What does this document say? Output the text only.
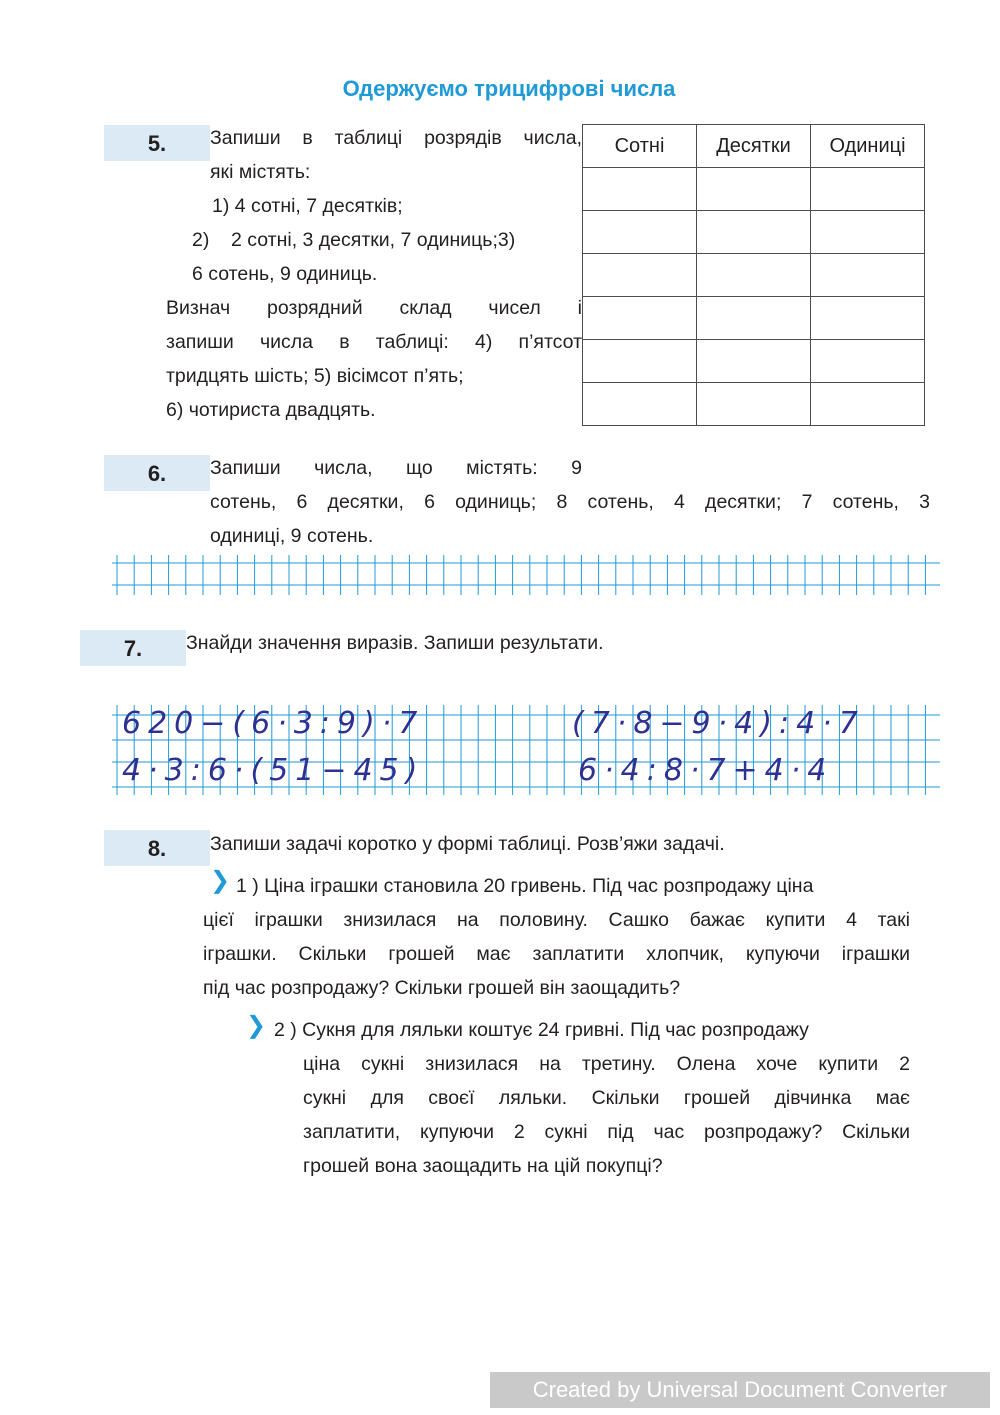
Одержуємо трицифрові числа
5.	Запиши в таблиці розрядів числа,
які містять:
1) 4 сотні, 7 десятків;
2)    2 сотні, 3 десятки, 7 одиниць;3)
6 сотень, 9 одиниць.
Визнач розрядний склад чисел і
запиши числа в таблиці: 4) п’ятсот
тридцять шість; 5) вісімсот п’ять;
6) чотириста двадцять.
Сотні	Десятки	Одиниці

6.	Запиши числа, що містять: 9
сотень, 6 десятки, 6 одиниць; 8 сотень, 4 десятки; 7 сотень, 3
одиниці, 9 сотень.
7.	Знайди значення виразів. Запиши результати.
620−(6·3:9)·7	(7·8−9·4):4·7
4·3:6·(51−45)	6·4:8·7+4·4
8.	Запиши задачі коротко у формі таблиці. Розв’яжи задачі.
❯ 1 ) Ціна іграшки становила 20 гривень. Під час розпродажу ціна
цієї іграшки знизилася на половину. Сашко бажає купити 4 такі
іграшки. Скільки грошей має заплатити хлопчик, купуючи іграшки
під час розпродажу? Скільки грошей він заощадить?
❯ 2 ) Сукня для ляльки коштує 24 гривні. Під час розпродажу
ціна сукні знизилася на третину. Олена хоче купити 2
сукні для своєї ляльки. Скільки грошей дівчинка має
заплатити, купуючи 2 сукні під час розпродажу? Скільки
грошей вона заощадить на цій покупці?
Created by Universal Document Converter
